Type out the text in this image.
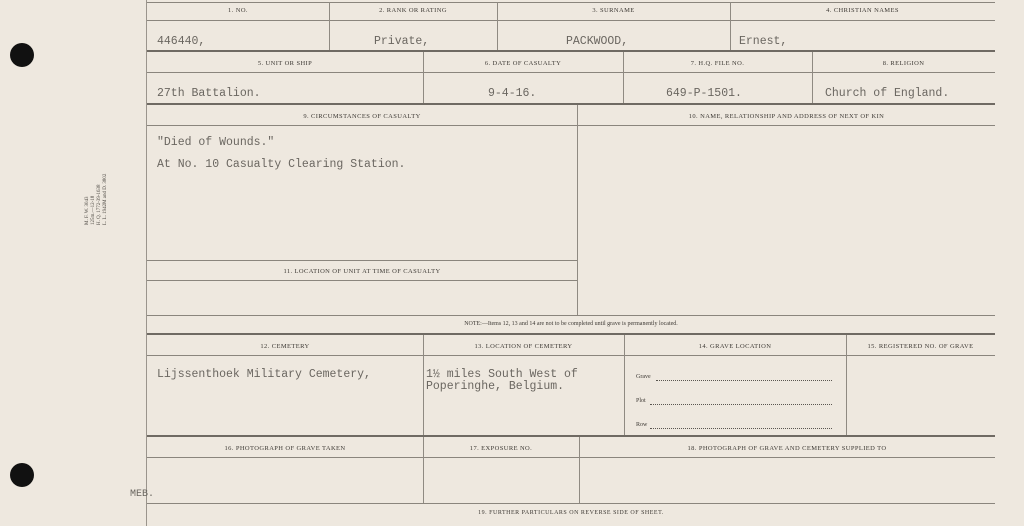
M. F. W. 3043 125m.—12-18 H. Q. 1772-39-1638 L. L. 1942M and D. 3802
1. NO.	2. RANK OR RATING	3. SURNAME	4. CHRISTIAN NAMES
446440,	Private,	PACKWOOD,	Ernest,
5. UNIT OR SHIP	6. DATE OF CASUALTY	7. H.Q. FILE NO.	8. RELIGION
27th Battalion.	9-4-16.	649-P-1501.	Church of England.
9. CIRCUMSTANCES OF CASUALTY	10. NAME, RELATIONSHIP AND ADDRESS OF NEXT OF KIN
"Died of Wounds."
At No. 10 Casualty Clearing Station.
11. LOCATION OF UNIT AT TIME OF CASUALTY
NOTE:—Items 12, 13 and 14 are not to be completed until grave is permanently located.
12. CEMETERY	13. LOCATION OF CEMETERY	14. GRAVE LOCATION	15. REGISTERED NO. OF GRAVE
Lijssenthoek Military Cemetery,	1½ miles South West of
Poperinghe, Belgium.
Grave
Plot
Row
16. PHOTOGRAPH OF GRAVE TAKEN	17. EXPOSURE NO.	18. PHOTOGRAPH OF GRAVE AND CEMETERY SUPPLIED TO
MEB.
19. FURTHER PARTICULARS ON REVERSE SIDE OF SHEET.
